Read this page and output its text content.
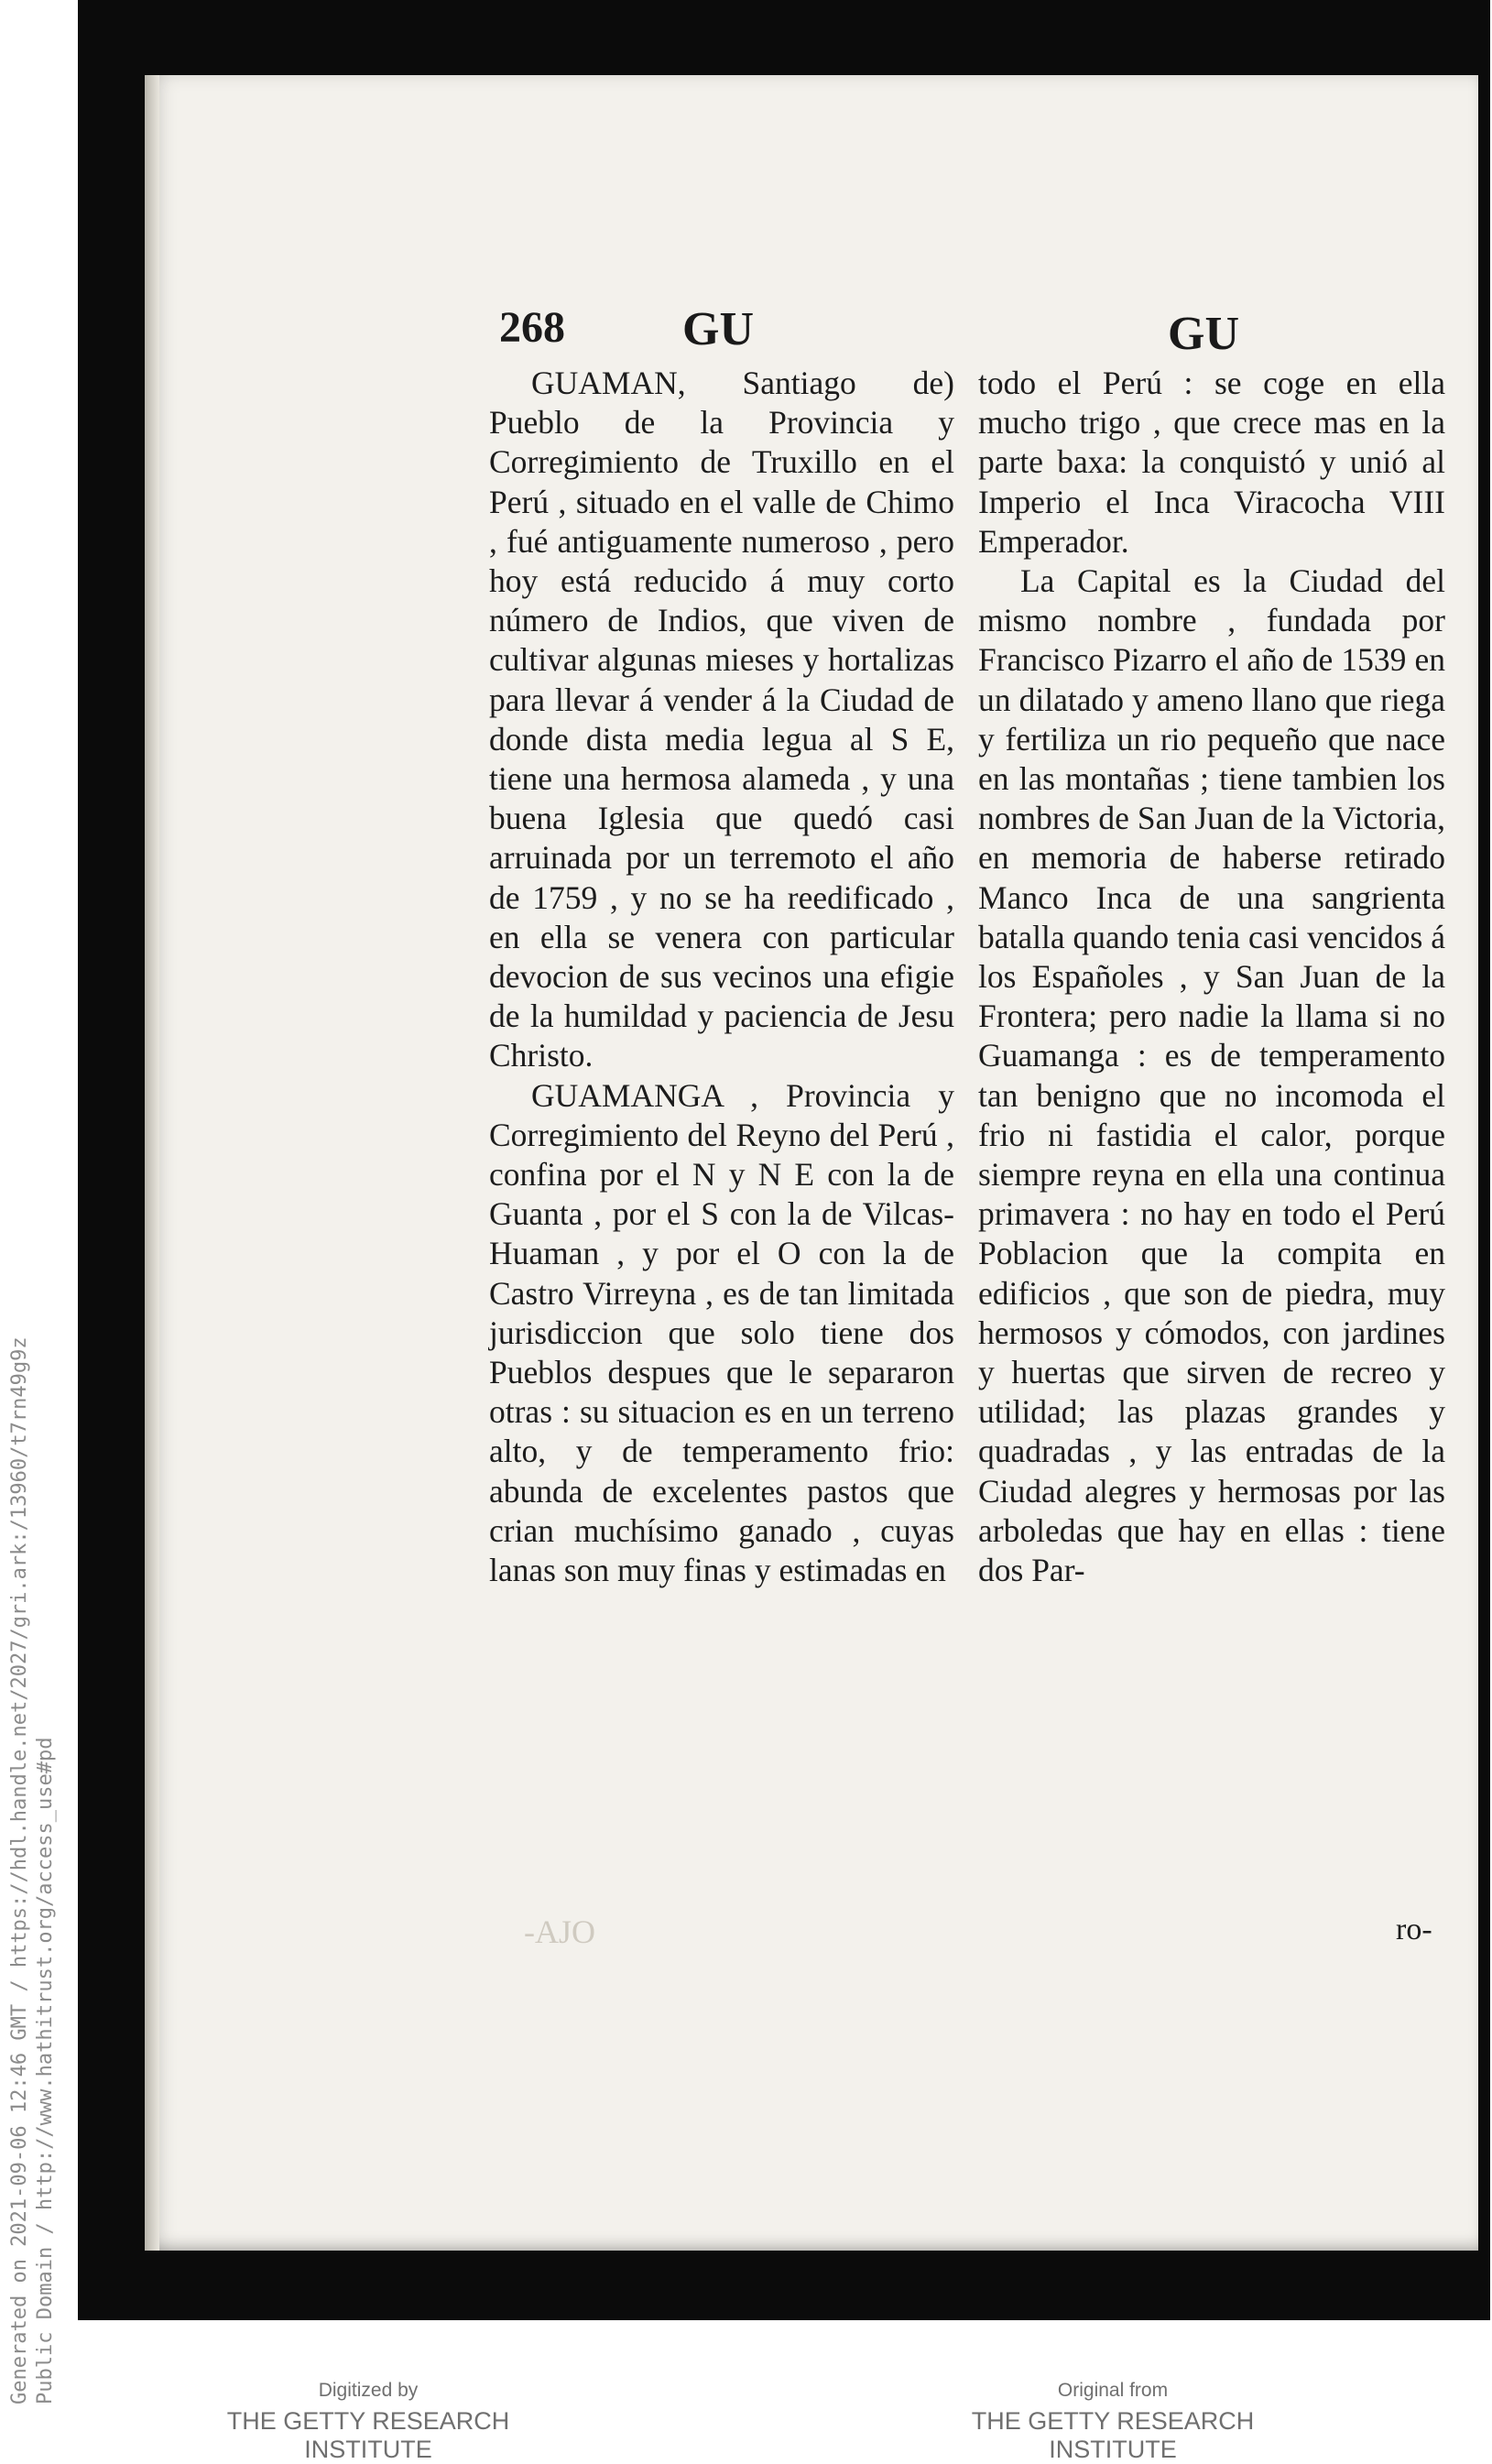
268 GU	GU

GUAMAN, Santiago de) Pueblo de la Provincia y Corregimiento de Truxillo en el Perú , situado en el valle de Chimo , fué antiguamente numeroso , pero hoy está reducido á muy corto número de Indios, que viven de cultivar algunas mieses y hortalizas para llevar á vender á la Ciudad de donde dista media legua al S E, tiene una hermosa alameda , y una buena Iglesia que quedó casi arruinada por un terremoto el año de 1759 , y no se ha reedificado , en ella se venera con particular devocion de sus vecinos una efigie de la humildad y paciencia de Jesu Christo.

GUAMANGA , Provincia y Corregimiento del Reyno del Perú , confina por el N y N E con la de Guanta , por el S con la de Vilcas-Huaman , y por el O con la de Castro Virreyna , es de tan limitada jurisdiccion que solo tiene dos Pueblos despues que le separaron otras : su situacion es en un terreno alto, y de temperamento frio: abunda de excelentes pastos que crian muchísimo ganado , cuyas lanas son muy finas y estimadas en

todo el Perú : se coge en ella mucho trigo , que crece mas en la parte baxa: la conquistó y unió al Imperio el Inca Viracocha VIII Emperador.

La Capital es la Ciudad del mismo nombre , fundada por Francisco Pizarro el año de 1539 en un dilatado y ameno llano que riega y fertiliza un rio pequeño que nace en las montañas ; tiene tambien los nombres de San Juan de la Victoria, en memoria de haberse retirado Manco Inca de una sangrienta batalla quando tenia casi vencidos á los Españoles , y San Juan de la Frontera; pero nadie la llama si no Guamanga : es de temperamento tan benigno que no incomoda el frio ni fastidia el calor, porque siempre reyna en ella una continua primavera : no hay en todo el Perú Poblacion que la compita en edificios , que son de piedra, muy hermosos y cómodos, con jardines y huertas que sirven de recreo y utilidad; las plazas grandes y quadradas , y las entradas de la Ciudad alegres y hermosas por las arboledas que hay en ellas : tiene dos Par-

-AJO	ro-
Generated on 2021-09-06 12:46 GMT / https://hdl.handle.net/2027/gri.ark:/13960/t7rn49g9z Public Domain / http://www.hathitrust.org/access_use#pd	Digitized by
THE GETTY RESEARCH INSTITUTE
Original from
THE GETTY RESEARCH INSTITUTE
